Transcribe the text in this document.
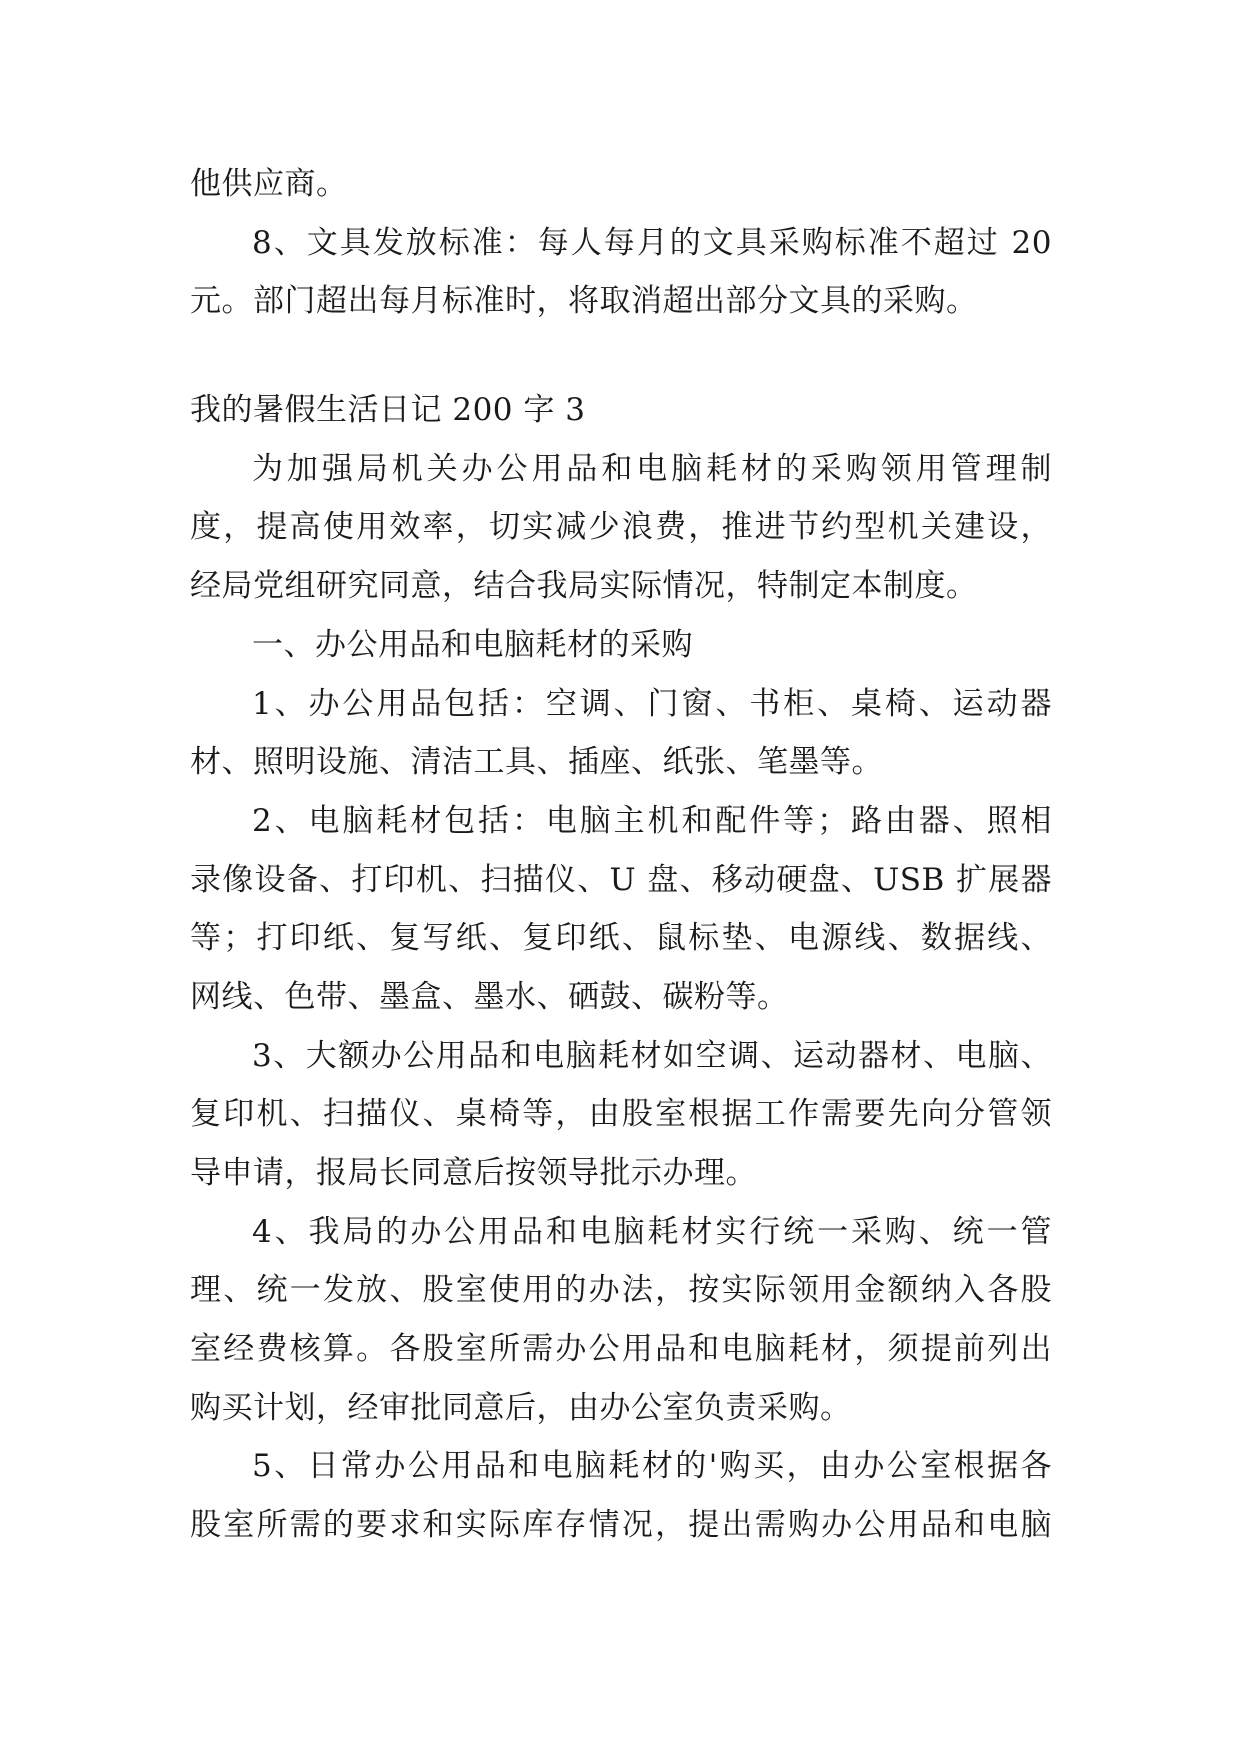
他供应商。

8、文具发放标准：每人每月的文具采购标准不超过 20
元。部门超出每月标准时，将取消超出部分文具的采购。

我的暑假生活日记 200 字 3

为加强局机关办公用品和电脑耗材的采购领用管理制
度，提高使用效率，切实减少浪费，推进节约型机关建设，
经局党组研究同意，结合我局实际情况，特制定本制度。

一、办公用品和电脑耗材的采购

1、办公用品包括：空调、门窗、书柜、桌椅、运动器
材、照明设施、清洁工具、插座、纸张、笔墨等。

2、电脑耗材包括：电脑主机和配件等；路由器、照相
录像设备、打印机、扫描仪、U 盘、移动硬盘、USB 扩展器
等；打印纸、复写纸、复印纸、鼠标垫、电源线、数据线、
网线、色带、墨盒、墨水、硒鼓、碳粉等。

3、大额办公用品和电脑耗材如空调、运动器材、电脑、
复印机、扫描仪、桌椅等，由股室根据工作需要先向分管领
导申请，报局长同意后按领导批示办理。

4、我局的办公用品和电脑耗材实行统一采购、统一管
理、统一发放、股室使用的办法，按实际领用金额纳入各股
室经费核算。各股室所需办公用品和电脑耗材，须提前列出
购买计划，经审批同意后，由办公室负责采购。

5、日常办公用品和电脑耗材的'购买，由办公室根据各
股室所需的要求和实际库存情况，提出需购办公用品和电脑
